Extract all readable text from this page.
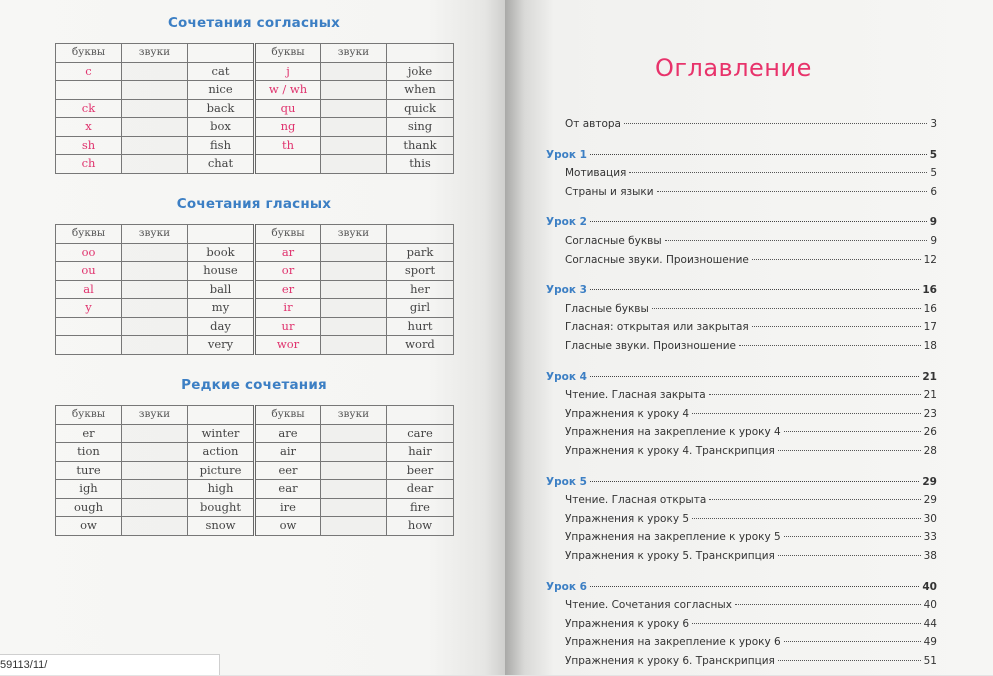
Сочетания согласных
буквы	звуки		буквы	звуки	
c		cat	j		joke
		nice	w / wh		when
ck		back	qu		quick
x		box	ng		sing
sh		fish	th		thank
ch		chat			this
Сочетания гласных
буквы	звуки		буквы	звуки	
oo		book	ar		park
ou		house	or		sport
al		ball	er		her
y		my	ir		girl
		day	ur		hurt
		very	wor		word
Редкие сочетания
буквы	звуки		буквы	звуки	
er		winter	are		care
tion		action	air		hair
ture		picture	eer		beer
igh		high	ear		dear
ough		bought	ire		fire
ow		snow	ow		how
Оглавление
От автора	3
Урок 1	5
Мотивация	5
Страны и языки	6
Урок 2	9
Согласные буквы	9
Согласные звуки. Произношение	12
Урок 3	16
Гласные буквы	16
Гласная: открытая или закрытая	17
Гласные звуки. Произношение	18
Урок 4	21
Чтение. Гласная закрыта	21
Упражнения к уроку 4	23
Упражнения на закрепление к уроку 4	26
Упражнения к уроку 4. Транскрипция	28
Урок 5	29
Чтение. Гласная открыта	29
Упражнения к уроку 5	30
Упражнения на закрепление к уроку 5	33
Упражнения к уроку 5. Транскрипция	38
Урок 6	40
Чтение. Сочетания согласных	40
Упражнения к уроку 6	44
Упражнения на закрепление к уроку 6	49
Упражнения к уроку 6. Транскрипция	51
59113/11/
